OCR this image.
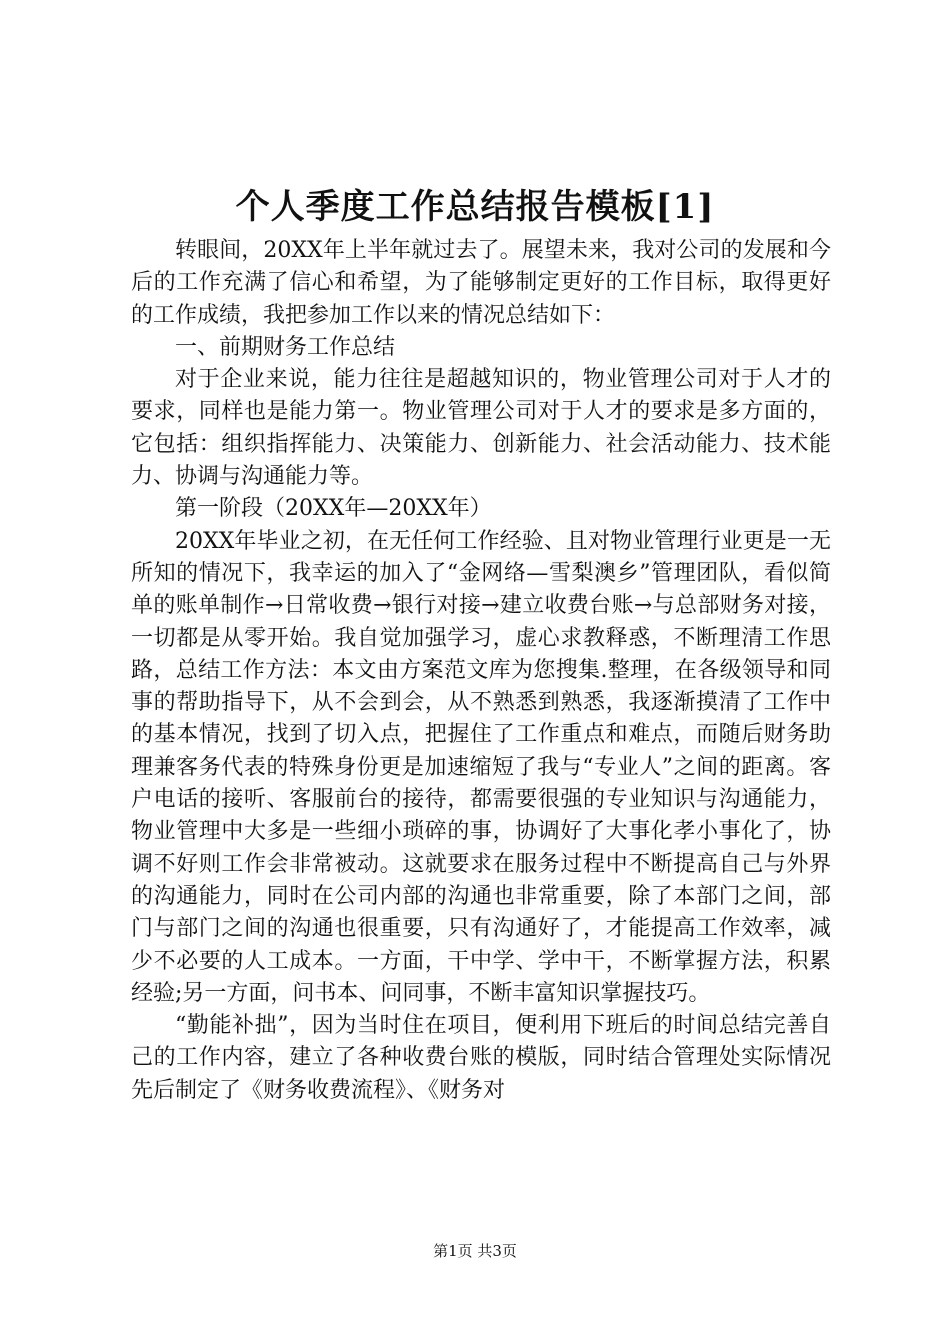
个人季度工作总结报告模板[1]

转眼间，20XX年上半年就过去了。展望未来，我对公司的发展和今后的工作充满了信心和希望，为了能够制定更好的工作目标，取得更好的工作成绩，我把参加工作以来的情况总结如下：

一、前期财务工作总结

对于企业来说，能力往往是超越知识的，物业管理公司对于人才的要求，同样也是能力第一。物业管理公司对于人才的要求是多方面的，它包括：组织指挥能力、决策能力、创新能力、社会活动能力、技术能力、协调与沟通能力等。

第一阶段（20XX年—20XX年）

20XX年毕业之初，在无任何工作经验、且对物业管理行业更是一无所知的情况下，我幸运的加入了“金网络—雪梨澳乡”管理团队，看似简单的账单制作→日常收费→银行对接→建立收费台账→与总部财务对接，一切都是从零开始。我自觉加强学习，虚心求教释惑，不断理清工作思路，总结工作方法：本文由方案范文库为您搜集.整理，在各级领导和同事的帮助指导下，从不会到会，从不熟悉到熟悉，我逐渐摸清了工作中的基本情况，找到了切入点，把握住了工作重点和难点，而随后财务助理兼客务代表的特殊身份更是加速缩短了我与“专业人”之间的距离。客户电话的接听、客服前台的接待，都需要很强的专业知识与沟通能力，物业管理中大多是一些细小琐碎的事，协调好了大事化孝小事化了，协调不好则工作会非常被动。这就要求在服务过程中不断提高自己与外界的沟通能力，同时在公司内部的沟通也非常重要，除了本部门之间，部门与部门之间的沟通也很重要，只有沟通好了，才能提高工作效率，减少不必要的人工成本。一方面，干中学、学中干，不断掌握方法，积累经验;另一方面，问书本、问同事，不断丰富知识掌握技巧。

“勤能补拙”，因为当时住在项目，便利用下班后的时间总结完善自己的工作内容，建立了各种收费台账的模版，同时结合管理处实际情况先后制定了《财务收费流程》、《财务对

第1页 共3页
